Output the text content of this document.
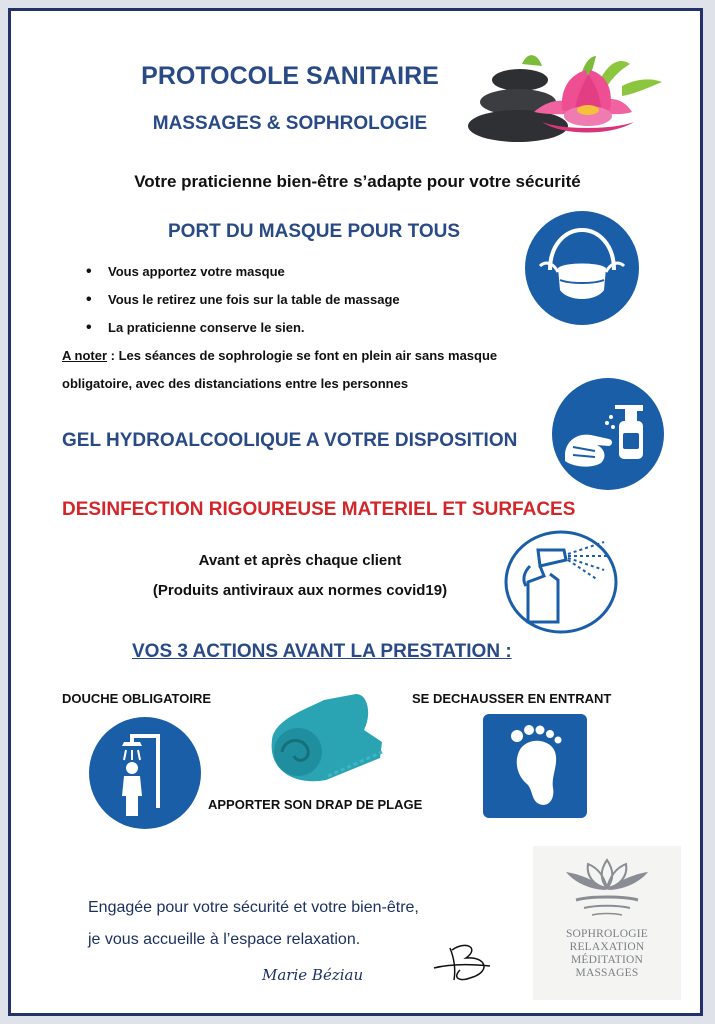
PROTOCOLE SANITAIRE
MASSAGES & SOPHROLOGIE
Votre praticienne bien-être s’adapte pour votre sécurité
PORT DU MASQUE POUR TOUS
• Vous apportez votre masque
• Vous le retirez une fois sur la table de massage
• La praticienne conserve le sien.
A noter : Les séances de sophrologie se font en plein air sans masque obligatoire, avec des distanciations entre les personnes
GEL HYDROALCOOLIQUE A VOTRE DISPOSITION
DESINFECTION RIGOUREUSE MATERIEL ET SURFACES
Avant et après chaque client
(Produits antiviraux aux normes covid19)
VOS 3 ACTIONS AVANT LA PRESTATION :
DOUCHE OBLIGATOIRE	SE DECHAUSSER EN ENTRANT
APPORTER SON DRAP DE PLAGE
Engagée pour votre sécurité et votre bien-être,
je vous accueille à l’espace relaxation.
Marie Béziau
SOPHROLOGIE
RELAXATION
MÉDITATION
MASSAGES
